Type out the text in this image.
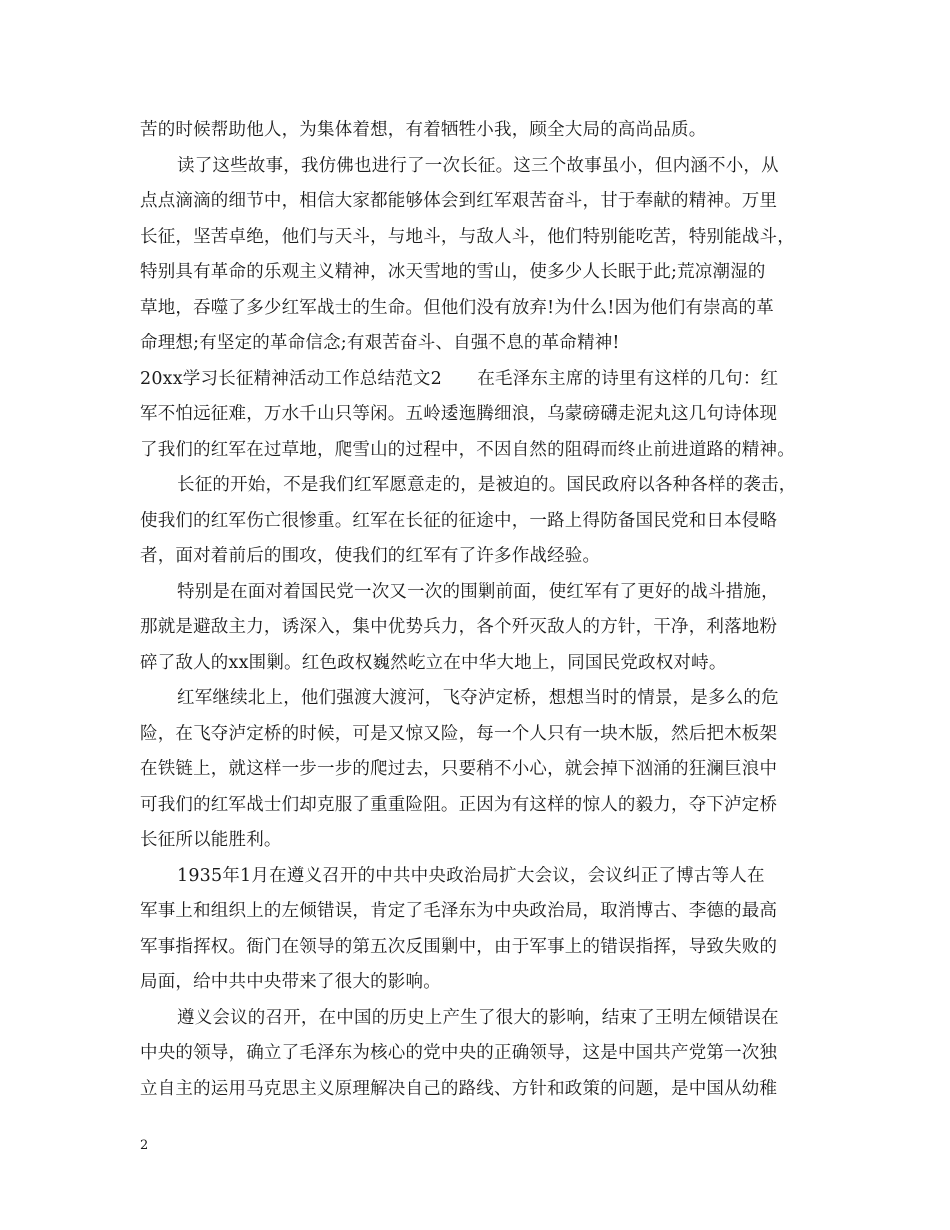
苦的时候帮助他人，为集体着想，有着牺牲小我，顾全大局的高尚品质。
读了这些故事，我仿佛也进行了一次长征。这三个故事虽小，但内涵不小，从
点点滴滴的细节中，相信大家都能够体会到红军艰苦奋斗，甘于奉献的精神。万里
长征，坚苦卓绝，他们与天斗，与地斗，与敌人斗，他们特别能吃苦，特别能战斗，
特别具有革命的乐观主义精神，冰天雪地的雪山，使多少人长眠于此;荒凉潮湿的
草地，吞噬了多少红军战士的生命。但他们没有放弃!为什么!因为他们有崇高的革
命理想;有坚定的革命信念;有艰苦奋斗、自强不息的革命精神!
20xx学习长征精神活动工作总结范文2　　在毛泽东主席的诗里有这样的几句：红
军不怕远征难，万水千山只等闲。五岭逶迤腾细浪，乌蒙磅礴走泥丸这几句诗体现
了我们的红军在过草地，爬雪山的过程中，不因自然的阻碍而终止前进道路的精神。
长征的开始，不是我们红军愿意走的，是被迫的。国民政府以各种各样的袭击，
使我们的红军伤亡很惨重。红军在长征的征途中，一路上得防备国民党和日本侵略
者，面对着前后的围攻，使我们的红军有了许多作战经验。
特别是在面对着国民党一次又一次的围剿前面，使红军有了更好的战斗措施，
那就是避敌主力，诱深入，集中优势兵力，各个歼灭敌人的方针，干净，利落地粉
碎了敌人的xx围剿。红色政权巍然屹立在中华大地上，同国民党政权对峙。
红军继续北上，他们强渡大渡河，飞夺泸定桥，想想当时的情景，是多么的危
险，在飞夺泸定桥的时候，可是又惊又险，每一个人只有一块木版，然后把木板架
在铁链上，就这样一步一步的爬过去，只要稍不小心，就会掉下汹涌的狂澜巨浪中
可我们的红军战士们却克服了重重险阻。正因为有这样的惊人的毅力，夺下泸定桥
长征所以能胜利。
1935年1月在遵义召开的中共中央政治局扩大会议，会议纠正了博古等人在
军事上和组织上的左倾错误，肯定了毛泽东为中央政治局，取消博古、李德的最高
军事指挥权。衙门在领导的第五次反围剿中，由于军事上的错误指挥，导致失败的
局面，给中共中央带来了很大的影响。
遵义会议的召开，在中国的历史上产生了很大的影响，结束了王明左倾错误在
中央的领导，确立了毛泽东为核心的党中央的正确领导，这是中国共产党第一次独
立自主的运用马克思主义原理解决自己的路线、方针和政策的问题，是中国从幼稚
2
